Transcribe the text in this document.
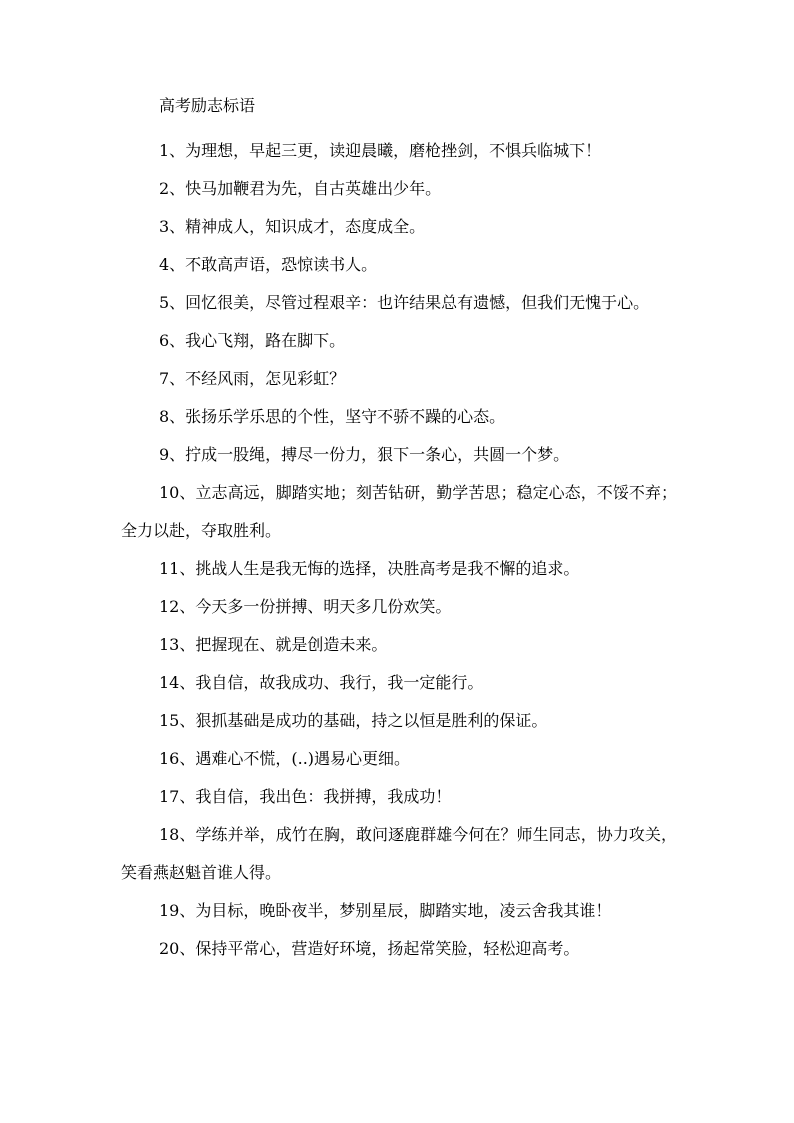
高考励志标语

1、为理想，早起三更，读迎晨曦，磨枪挫剑，不惧兵临城下！

2、快马加鞭君为先，自古英雄出少年。

3、精神成人，知识成才，态度成全。

4、不敢高声语，恐惊读书人。

5、回忆很美，尽管过程艰辛：也许结果总有遗憾，但我们无愧于心。

6、我心飞翔，路在脚下。

7、不经风雨，怎见彩虹？

8、张扬乐学乐思的个性，坚守不骄不躁的心态。

9、拧成一股绳，搏尽一份力，狠下一条心，共圆一个梦。

10、立志高远，脚踏实地；刻苦钻研，勤学苦思；稳定心态，不馁不弃；全力以赴，夺取胜利。

11、挑战人生是我无悔的选择，决胜高考是我不懈的追求。

12、今天多一份拼搏、明天多几份欢笑。

13、把握现在、就是创造未来。

14、我自信，故我成功、我行，我一定能行。

15、狠抓基础是成功的基础，持之以恒是胜利的保证。

16、遇难心不慌，(..)遇易心更细。

17、我自信，我出色：我拼搏，我成功！

18、学练并举，成竹在胸，敢问逐鹿群雄今何在？师生同志，协力攻关，笑看燕赵魁首谁人得。

19、为目标，晚卧夜半，梦别星辰，脚踏实地，凌云舍我其谁！

20、保持平常心，营造好环境，扬起常笑脸，轻松迎高考。
